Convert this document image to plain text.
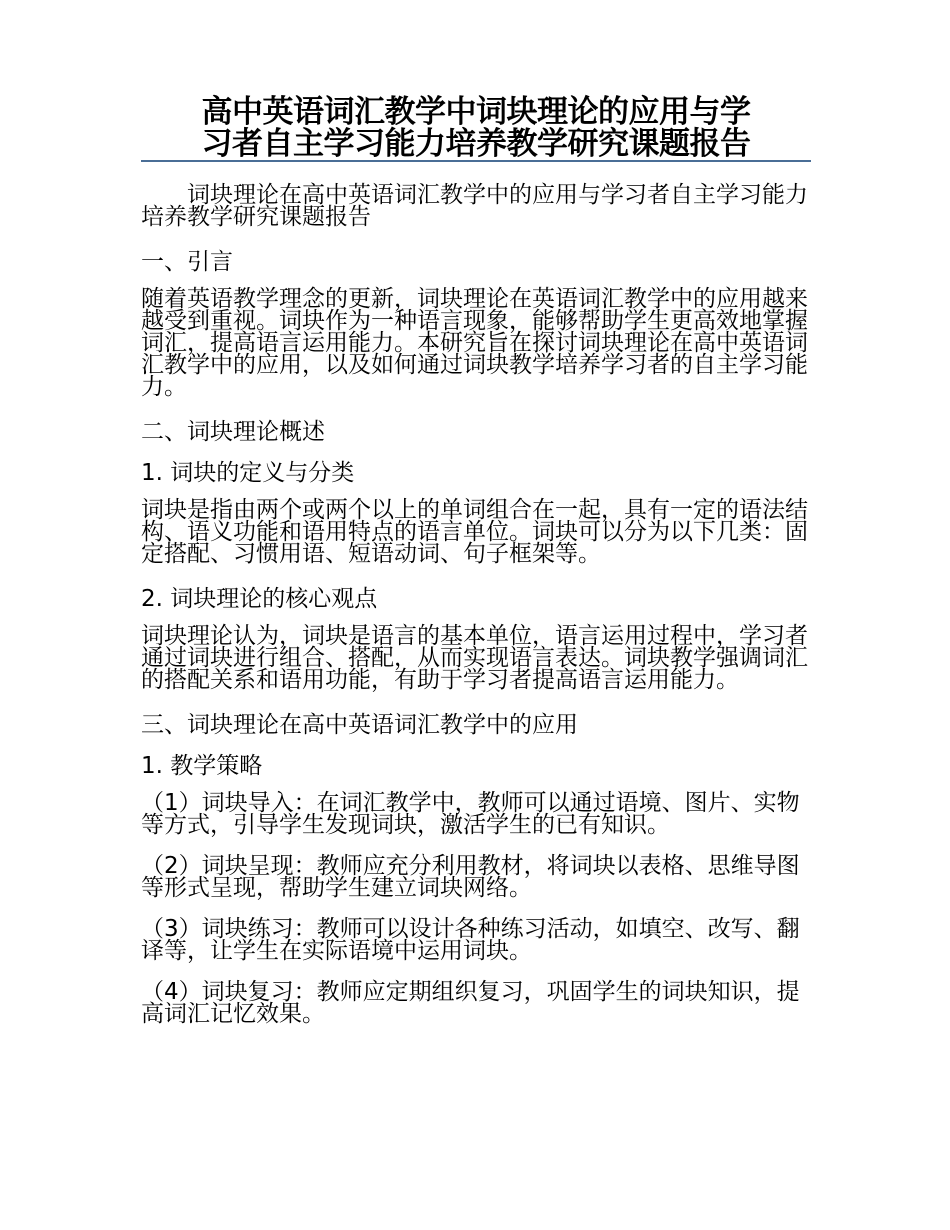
高中英语词汇教学中词块理论的应用与学
习者自主学习能力培养教学研究课题报告
词块理论在高中英语词汇教学中的应用与学习者自主学习能力培养教学研究课题报告
一、引言
随着英语教学理念的更新，词块理论在英语词汇教学中的应用越来越受到重视。词块作为一种语言现象，能够帮助学生更高效地掌握词汇，提高语言运用能力。本研究旨在探讨词块理论在高中英语词汇教学中的应用，以及如何通过词块教学培养学习者的自主学习能力。
二、词块理论概述
1. 词块的定义与分类
词块是指由两个或两个以上的单词组合在一起，具有一定的语法结构、语义功能和语用特点的语言单位。词块可以分为以下几类：固定搭配、习惯用语、短语动词、句子框架等。
2. 词块理论的核心观点
词块理论认为，词块是语言的基本单位，语言运用过程中，学习者通过词块进行组合、搭配，从而实现语言表达。词块教学强调词汇的搭配关系和语用功能，有助于学习者提高语言运用能力。
三、词块理论在高中英语词汇教学中的应用
1. 教学策略
（1）词块导入：在词汇教学中，教师可以通过语境、图片、实物等方式，引导学生发现词块，激活学生的已有知识。
（2）词块呈现：教师应充分利用教材，将词块以表格、思维导图等形式呈现，帮助学生建立词块网络。
（3）词块练习：教师可以设计各种练习活动，如填空、改写、翻译等，让学生在实际语境中运用词块。
（4）词块复习：教师应定期组织复习，巩固学生的词块知识，提高词汇记忆效果。
